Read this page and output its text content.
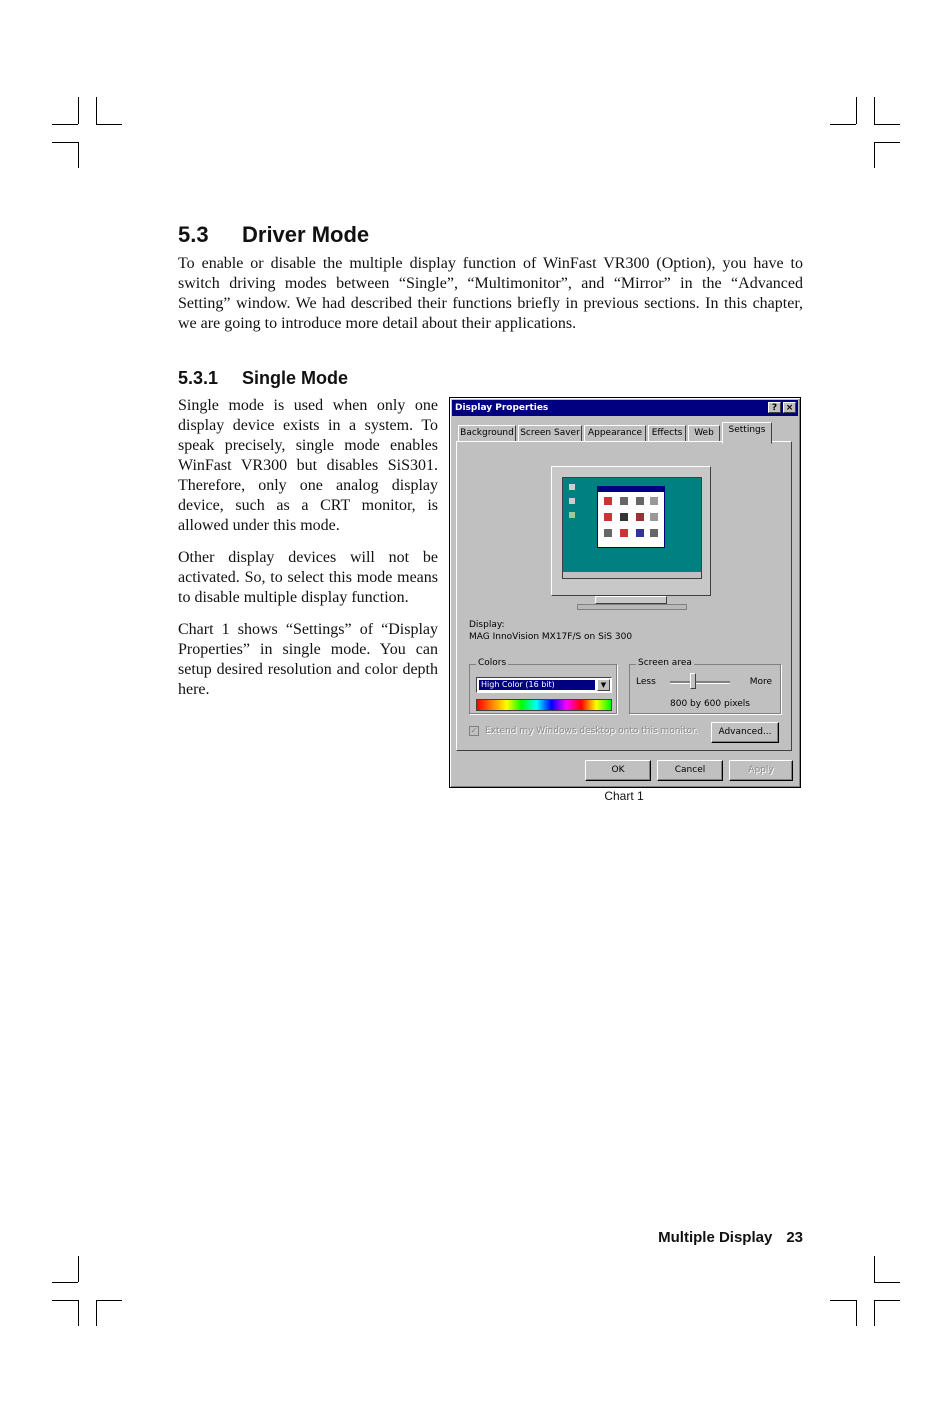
5.3 Driver Mode

To enable or disable the multiple display function of WinFast VR300 (Option), you have to switch driving modes between “Single”, “Multimonitor”, and “Mirror” in the “Advanced Setting” window. We had described their functions briefly in previous sections. In this chapter, we are going to introduce more detail about their applications.

5.3.1 Single Mode

Single mode is used when only one display device exists in a system. To speak precisely, single mode enables WinFast VR300 but disables SiS301. Therefore, only one analog display device, such as a CRT monitor, is allowed under this mode.

Other display devices will not be activated. So, to select this mode means to disable multiple display function.

Chart 1 shows “Settings” of “Display Properties” in single mode. You can setup desired resolution and color depth here.

Display Properties	? ×
Background Screen Saver Appearance	Effects	Web	Settings
Display:
MAG InnoVision MX17F/S on SiS 300
Colors
High Color (16 bit)	▼
Screen area
Less	More
800 by 600 pixels
✓ Extend my Windows desktop onto this monitor.	Advanced...
OK	Cancel	Apply
Chart 1
Multiple Display 23
